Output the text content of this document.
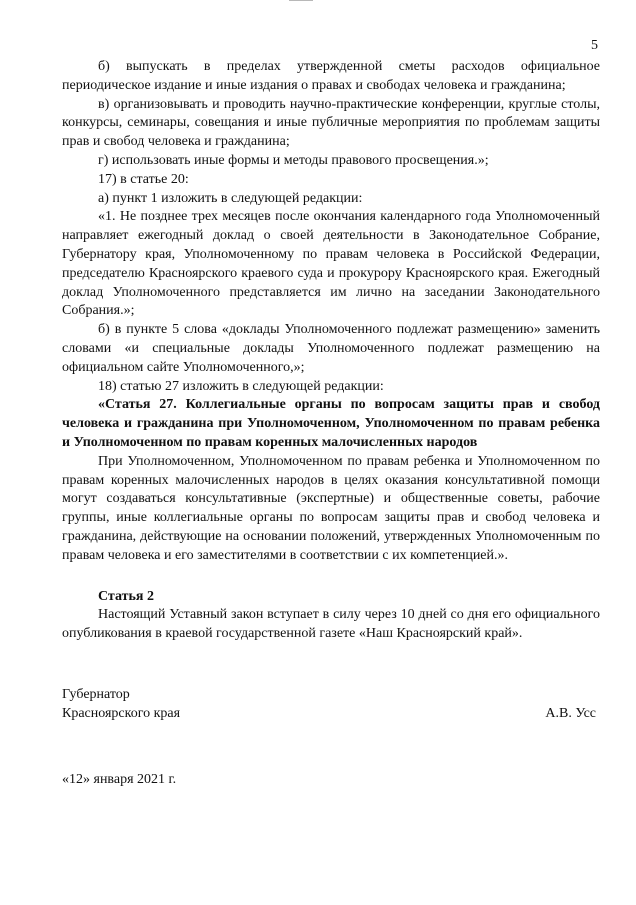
5

б) выпускать в пределах утвержденной сметы расходов официальное периодическое издание и иные издания о правах и свободах человека и гражданина;

в) организовывать и проводить научно-практические конференции, круглые столы, конкурсы, семинары, совещания и иные публичные мероприятия по проблемам защиты прав и свобод человека и гражданина;

г) использовать иные формы и методы правового просвещения.»;

17) в статье 20:

а) пункт 1 изложить в следующей редакции:

«1. Не позднее трех месяцев после окончания календарного года Уполномоченный направляет ежегодный доклад о своей деятельности в Законодательное Собрание, Губернатору края, Уполномоченному по правам человека в Российской Федерации, председателю Красноярского краевого суда и прокурору Красноярского края. Ежегодный доклад Уполномоченного представляется им лично на заседании Законодательного Собрания.»;

б) в пункте 5 слова «доклады Уполномоченного подлежат размещению» заменить словами «и специальные доклады Уполномоченного подлежат размещению на официальном сайте Уполномоченного,»;

18) статью 27 изложить в следующей редакции:

«Статья 27. Коллегиальные органы по вопросам защиты прав и свобод человека и гражданина при Уполномоченном, Уполномоченном по правам ребенка и Уполномоченном по правам коренных малочисленных народов

При Уполномоченном, Уполномоченном по правам ребенка и Уполномоченном по правам коренных малочисленных народов в целях оказания консультативной помощи могут создаваться консультативные (экспертные) и общественные советы, рабочие группы, иные коллегиальные органы по вопросам защиты прав и свобод человека и гражданина, действующие на основании положений, утвержденных Уполномоченным по правам человека и его заместителями в соответствии с их компетенцией.».

Статья 2

Настоящий Уставный закон вступает в силу через 10 дней со дня его официального опубликования в краевой государственной газете «Наш Красноярский край».

Губернатор
Красноярского края	А.В. Усс
«12» января 2021 г.
